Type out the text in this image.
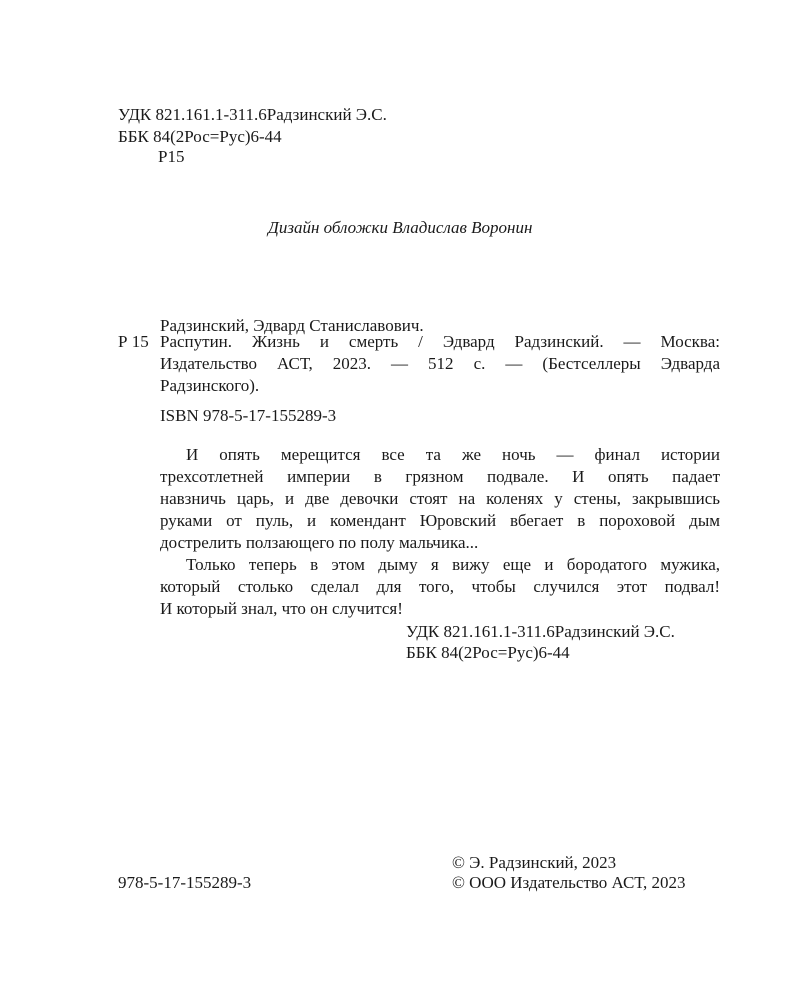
УДК 821.161.1-311.6Радзинский Э.С.
ББК 84(2Рос=Рус)6-44
Р15
Дизайн обложки Владислав Воронин
Радзинский, Эдвард Станиславович.
Р 15 Распутин. Жизнь и смерть / Эдвард Радзинский. — Москва:
Издательство АСТ, 2023. — 512 с. — (Бестселлеры Эдварда
Радзинского).
ISBN 978-5-17-155289-3
И опять мерещится все та же ночь — финал истории
трехсотлетней империи в грязном подвале. И опять падает
навзничь царь, и две девочки стоят на коленях у стены, закрывшись
руками от пуль, и комендант Юровский вбегает в пороховой дым
дострелить ползающего по полу мальчика...
Только теперь в этом дыму я вижу еще и бородатого мужика,
который столько сделал для того, чтобы случился этот подвал!
И который знал, что он случится!
УДК 821.161.1-311.6Радзинский Э.С.
ББК 84(2Рос=Рус)6-44
© Э. Радзинский, 2023
978-5-17-155289-3	© ООО Издательство АСТ, 2023
